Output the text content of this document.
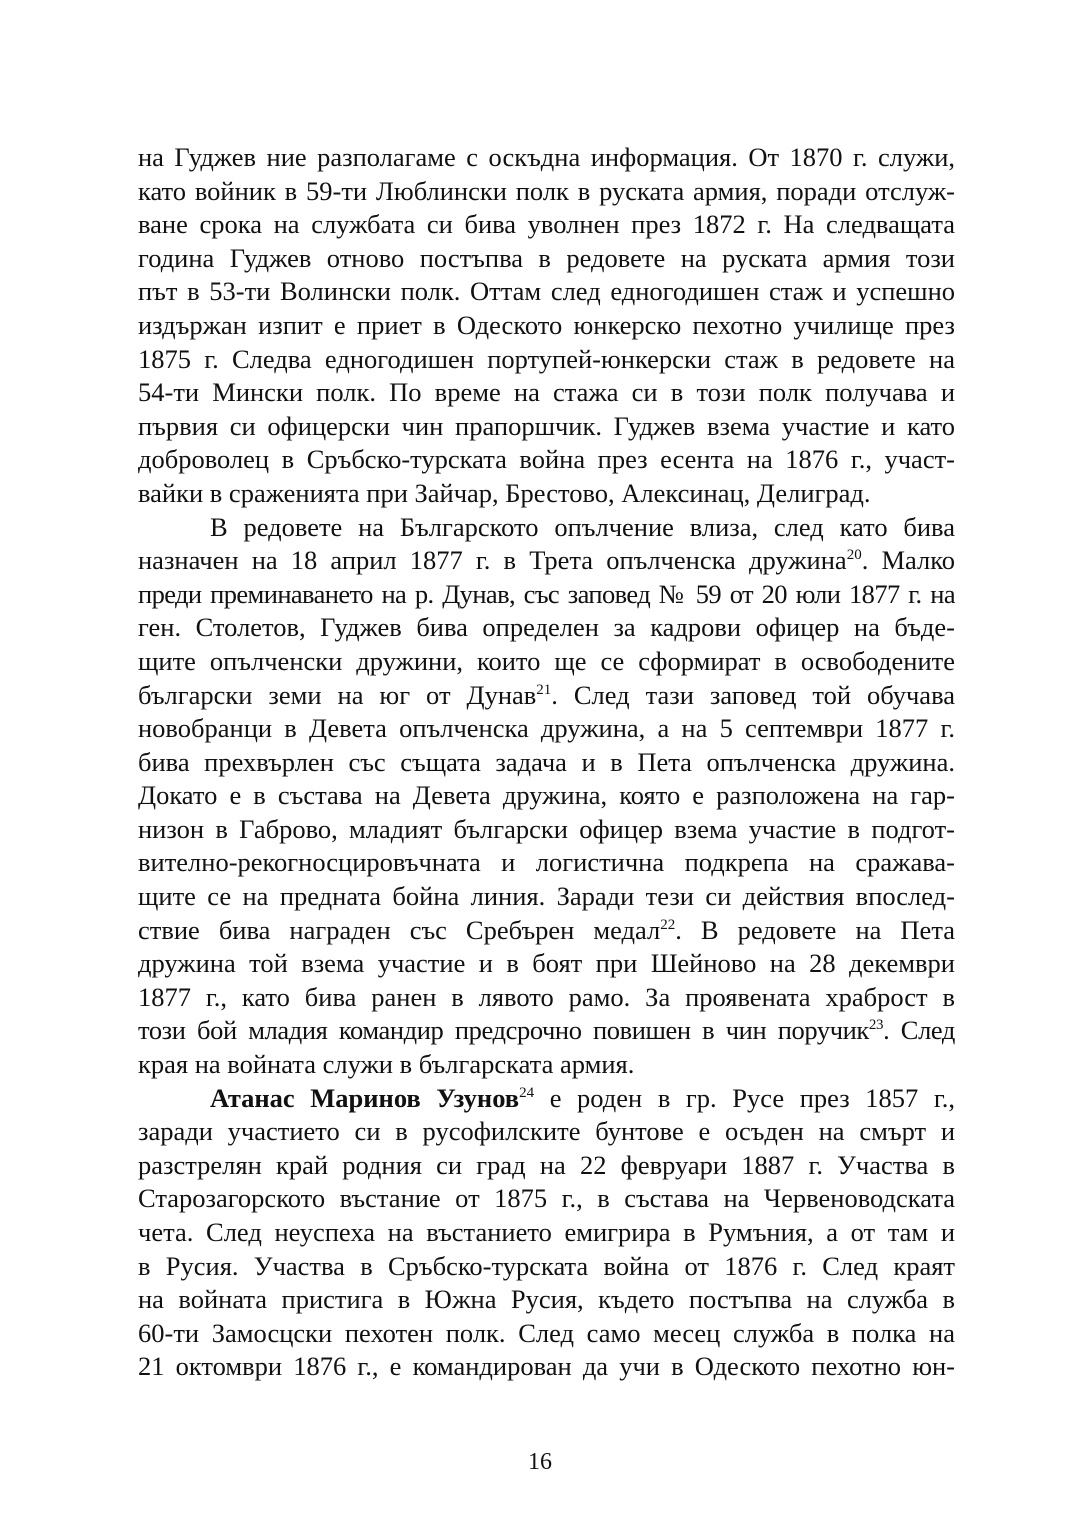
на Гуджев ние разполагаме с оскъдна информация. От 1870 г. служи,
като войник в 59-ти Люблински полк в руската армия, поради отслуж-
ване срока на службата си бива уволнен през 1872 г. На следващата
година Гуджев отново постъпва в редовете на руската армия този
път в 53-ти Волински полк. Оттам след едногодишен стаж и успешно
издържан изпит е приет в Одеското юнкерско пехотно училище през
1875 г. Следва едногодишен портупей-юнкерски стаж в редовете на
54-ти Мински полк. По време на стажа си в този полк получава и
първия си офицерски чин прапоршчик. Гуджев взема участие и като
доброволец в Сръбско-турската война през есента на 1876 г., участ-
вайки в сраженията при Зайчар, Брестово, Алексинац, Делиград.
В редовете на Българското опълчение влиза, след като бива
назначен на 18 април 1877 г. в Трета опълченска дружина$^{20}$. Малко
преди преминаването на р. Дунав, със заповед № 59 от 20 юли 1877 г. на
ген. Столетов, Гуджев бива определен за кадрови офицер на бъде-
щите опълченски дружини, които ще се сформират в освободените
български земи на юг от Дунав$^{21}$. След тази заповед той обучава
новобранци в Девета опълченска дружина, а на 5 септември 1877 г.
бива прехвърлен със същата задача и в Пета опълченска дружина.
Докато е в състава на Девета дружина, която е разположена на гар-
низон в Габрово, младият български офицер взема участие в подгот-
вително-рекогносцировъчната и логистична подкрепа на сражава-
щите се на предната бойна линия. Заради тези си действия впослед-
ствие бива награден със Сребърен медал$^{22}$. В редовете на Пета
дружина той взема участие и в боят при Шейново на 28 декември
1877 г., като бива ранен в лявото рамо. За проявената храброст в
този бой младия командир предсрочно повишен в чин поручик$^{23}$. След
края на войната служи в българската армия.
Атанас Маринов Узунов$^{24}$ е роден в гр. Русе през 1857 г.,
заради участието си в русофилските бунтове е осъден на смърт и
разстрелян край родния си град на 22 февруари 1887 г. Участва в
Старозагорското въстание от 1875 г., в състава на Червеноводската
чета. След неуспеха на въстанието емигрира в Румъния, а от там и
в Русия. Участва в Сръбско-турската война от 1876 г. След краят
на войната пристига в Южна Русия, където постъпва на служба в
60-ти Замосцски пехотен полк. След само месец служба в полка на
21 октомври 1876 г., е командирован да учи в Одеското пехотно юн-
16
